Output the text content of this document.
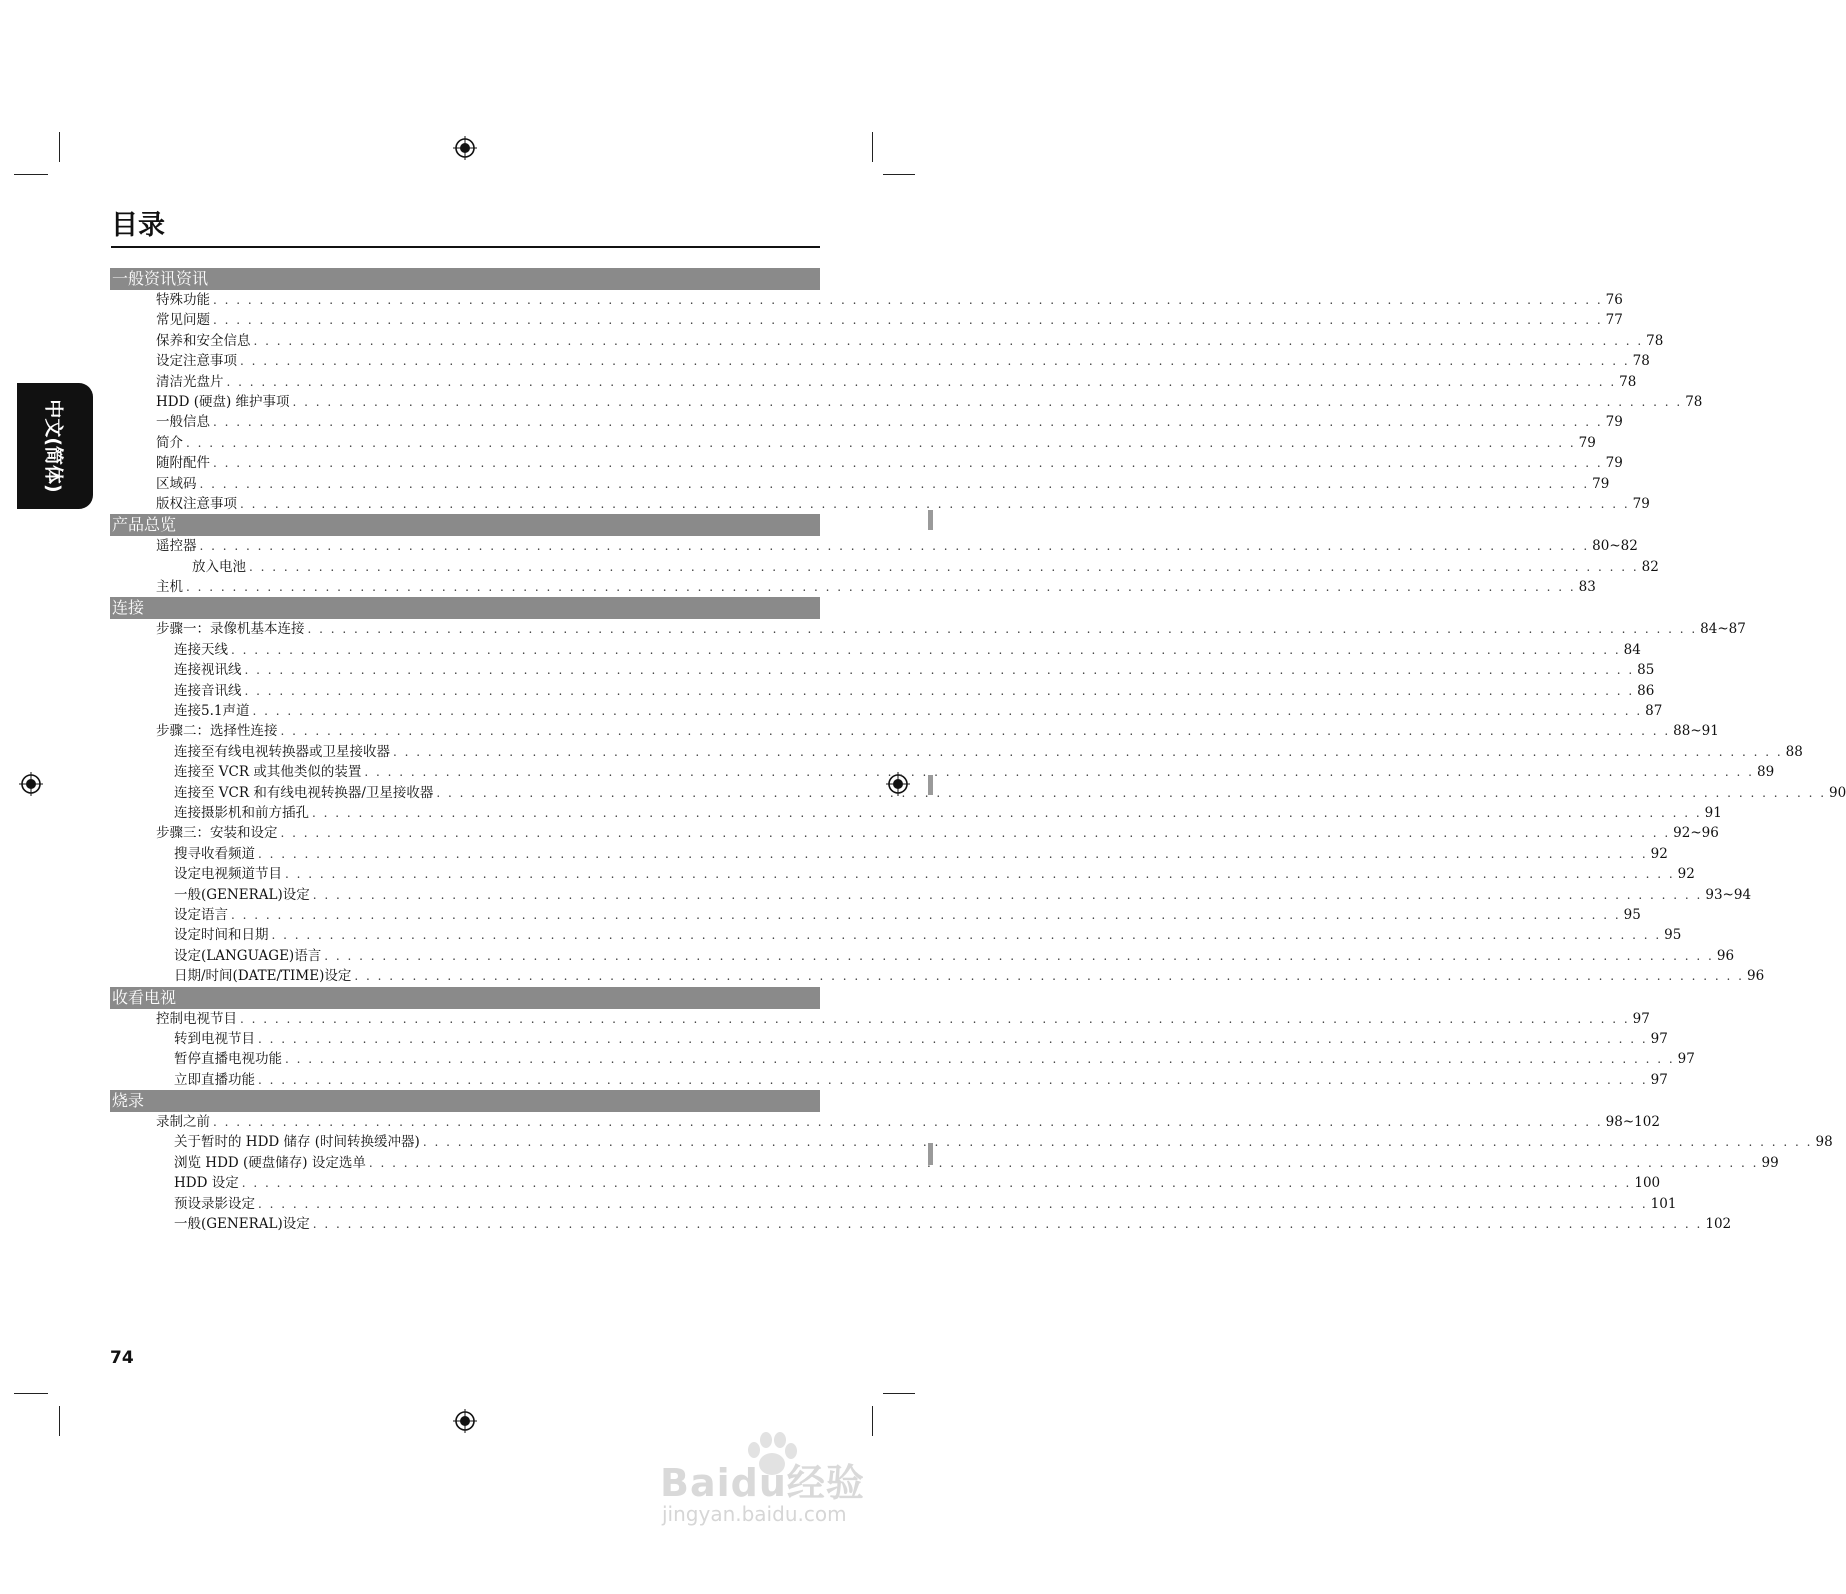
中文(简体)
目录
一般资讯资讯
特殊功能 . . . . . . . . . . . . . . . . . . . . . . . . . . . . . . . . . . . . . . . . . . . . . . . . . . . . . . . . . . . . . . . . . . . . . . . . . . . . . . . . . . . . . . . . . . . . . . . . . . . . . . . . . . . . . . . . . . . . . . . . 76
常见问题 . . . . . . . . . . . . . . . . . . . . . . . . . . . . . . . . . . . . . . . . . . . . . . . . . . . . . . . . . . . . . . . . . . . . . . . . . . . . . . . . . . . . . . . . . . . . . . . . . . . . . . . . . . . . . . . . . . . . . . . . 77
保养和安全信息 . . . . . . . . . . . . . . . . . . . . . . . . . . . . . . . . . . . . . . . . . . . . . . . . . . . . . . . . . . . . . . . . . . . . . . . . . . . . . . . . . . . . . . . . . . . . . . . . . . . . . . . . . . . . . . . . . . . . . . . . 78
设定注意事项 . . . . . . . . . . . . . . . . . . . . . . . . . . . . . . . . . . . . . . . . . . . . . . . . . . . . . . . . . . . . . . . . . . . . . . . . . . . . . . . . . . . . . . . . . . . . . . . . . . . . . . . . . . . . . . . . . . . . . . . . 78
清洁光盘片 . . . . . . . . . . . . . . . . . . . . . . . . . . . . . . . . . . . . . . . . . . . . . . . . . . . . . . . . . . . . . . . . . . . . . . . . . . . . . . . . . . . . . . . . . . . . . . . . . . . . . . . . . . . . . . . . . . . . . . . . 78
HDD (硬盘) 维护事项 . . . . . . . . . . . . . . . . . . . . . . . . . . . . . . . . . . . . . . . . . . . . . . . . . . . . . . . . . . . . . . . . . . . . . . . . . . . . . . . . . . . . . . . . . . . . . . . . . . . . . . . . . . . . . . . . . . . . . . . . 78
一般信息 . . . . . . . . . . . . . . . . . . . . . . . . . . . . . . . . . . . . . . . . . . . . . . . . . . . . . . . . . . . . . . . . . . . . . . . . . . . . . . . . . . . . . . . . . . . . . . . . . . . . . . . . . . . . . . . . . . . . . . . . 79
简介 . . . . . . . . . . . . . . . . . . . . . . . . . . . . . . . . . . . . . . . . . . . . . . . . . . . . . . . . . . . . . . . . . . . . . . . . . . . . . . . . . . . . . . . . . . . . . . . . . . . . . . . . . . . . . . . . . . . . . . . . 79
随附配件 . . . . . . . . . . . . . . . . . . . . . . . . . . . . . . . . . . . . . . . . . . . . . . . . . . . . . . . . . . . . . . . . . . . . . . . . . . . . . . . . . . . . . . . . . . . . . . . . . . . . . . . . . . . . . . . . . . . . . . . . 79
区域码 . . . . . . . . . . . . . . . . . . . . . . . . . . . . . . . . . . . . . . . . . . . . . . . . . . . . . . . . . . . . . . . . . . . . . . . . . . . . . . . . . . . . . . . . . . . . . . . . . . . . . . . . . . . . . . . . . . . . . . . . 79
版权注意事项 . . . . . . . . . . . . . . . . . . . . . . . . . . . . . . . . . . . . . . . . . . . . . . . . . . . . . . . . . . . . . . . . . . . . . . . . . . . . . . . . . . . . . . . . . . . . . . . . . . . . . . . . . . . . . . . . . . . . . . . . 79
产品总览
遥控器 . . . . . . . . . . . . . . . . . . . . . . . . . . . . . . . . . . . . . . . . . . . . . . . . . . . . . . . . . . . . . . . . . . . . . . . . . . . . . . . . . . . . . . . . . . . . . . . . . . . . . . . . . . . . . . . . . . . . . . . . 80~82
放入电池 . . . . . . . . . . . . . . . . . . . . . . . . . . . . . . . . . . . . . . . . . . . . . . . . . . . . . . . . . . . . . . . . . . . . . . . . . . . . . . . . . . . . . . . . . . . . . . . . . . . . . . . . . . . . . . . . . . . . . . . . 82
主机 . . . . . . . . . . . . . . . . . . . . . . . . . . . . . . . . . . . . . . . . . . . . . . . . . . . . . . . . . . . . . . . . . . . . . . . . . . . . . . . . . . . . . . . . . . . . . . . . . . . . . . . . . . . . . . . . . . . . . . . . 83
连接
步骤一：录像机基本连接 . . . . . . . . . . . . . . . . . . . . . . . . . . . . . . . . . . . . . . . . . . . . . . . . . . . . . . . . . . . . . . . . . . . . . . . . . . . . . . . . . . . . . . . . . . . . . . . . . . . . . . . . . . . . . . . . . . . . . . . . 84~87
连接天线 . . . . . . . . . . . . . . . . . . . . . . . . . . . . . . . . . . . . . . . . . . . . . . . . . . . . . . . . . . . . . . . . . . . . . . . . . . . . . . . . . . . . . . . . . . . . . . . . . . . . . . . . . . . . . . . . . . . . . . . . 84
连接视讯线 . . . . . . . . . . . . . . . . . . . . . . . . . . . . . . . . . . . . . . . . . . . . . . . . . . . . . . . . . . . . . . . . . . . . . . . . . . . . . . . . . . . . . . . . . . . . . . . . . . . . . . . . . . . . . . . . . . . . . . . . 85
连接音讯线 . . . . . . . . . . . . . . . . . . . . . . . . . . . . . . . . . . . . . . . . . . . . . . . . . . . . . . . . . . . . . . . . . . . . . . . . . . . . . . . . . . . . . . . . . . . . . . . . . . . . . . . . . . . . . . . . . . . . . . . . 86
连接5.1声道 . . . . . . . . . . . . . . . . . . . . . . . . . . . . . . . . . . . . . . . . . . . . . . . . . . . . . . . . . . . . . . . . . . . . . . . . . . . . . . . . . . . . . . . . . . . . . . . . . . . . . . . . . . . . . . . . . . . . . . . . 87
步骤二：选择性连接 . . . . . . . . . . . . . . . . . . . . . . . . . . . . . . . . . . . . . . . . . . . . . . . . . . . . . . . . . . . . . . . . . . . . . . . . . . . . . . . . . . . . . . . . . . . . . . . . . . . . . . . . . . . . . . . . . . . . . . . . 88~91
连接至有线电视转换器或卫星接收器 . . . . . . . . . . . . . . . . . . . . . . . . . . . . . . . . . . . . . . . . . . . . . . . . . . . . . . . . . . . . . . . . . . . . . . . . . . . . . . . . . . . . . . . . . . . . . . . . . . . . . . . . . . . . . . . . . . . . . . . . 88
连接至 VCR 或其他类似的装置 . . . . . . . . . . . . . . . . . . . . . . . . . . . . . . . . . . . . . . . . . . . . . . . . . . . . . . . . . . . . . . . . . . . . . . . . . . . . . . . . . . . . . . . . . . . . . . . . . . . . . . . . . . . . . . . . . . . . . . . . 89
连接至 VCR 和有线电视转换器/卫星接收器 . . . . . . . . . . . . . . . . . . . . . . . . . . . . . . . . . . . . . . . . . . . . . . . . . . . . . . . . . . . . . . . . . . . . . . . . . . . . . . . . . . . . . . . . . . . . . . . . . . . . . . . . . . . . . . . . . . . . . . . . 90
连接摄影机和前方插孔 . . . . . . . . . . . . . . . . . . . . . . . . . . . . . . . . . . . . . . . . . . . . . . . . . . . . . . . . . . . . . . . . . . . . . . . . . . . . . . . . . . . . . . . . . . . . . . . . . . . . . . . . . . . . . . . . . . . . . . . . 91
步骤三：安装和设定 . . . . . . . . . . . . . . . . . . . . . . . . . . . . . . . . . . . . . . . . . . . . . . . . . . . . . . . . . . . . . . . . . . . . . . . . . . . . . . . . . . . . . . . . . . . . . . . . . . . . . . . . . . . . . . . . . . . . . . . . 92~96
搜寻收看频道 . . . . . . . . . . . . . . . . . . . . . . . . . . . . . . . . . . . . . . . . . . . . . . . . . . . . . . . . . . . . . . . . . . . . . . . . . . . . . . . . . . . . . . . . . . . . . . . . . . . . . . . . . . . . . . . . . . . . . . . . 92
设定电视频道节目 . . . . . . . . . . . . . . . . . . . . . . . . . . . . . . . . . . . . . . . . . . . . . . . . . . . . . . . . . . . . . . . . . . . . . . . . . . . . . . . . . . . . . . . . . . . . . . . . . . . . . . . . . . . . . . . . . . . . . . . . 92
一般(GENERAL)设定 . . . . . . . . . . . . . . . . . . . . . . . . . . . . . . . . . . . . . . . . . . . . . . . . . . . . . . . . . . . . . . . . . . . . . . . . . . . . . . . . . . . . . . . . . . . . . . . . . . . . . . . . . . . . . . . . . . . . . . . . 93~94
设定语言 . . . . . . . . . . . . . . . . . . . . . . . . . . . . . . . . . . . . . . . . . . . . . . . . . . . . . . . . . . . . . . . . . . . . . . . . . . . . . . . . . . . . . . . . . . . . . . . . . . . . . . . . . . . . . . . . . . . . . . . . 95
设定时间和日期 . . . . . . . . . . . . . . . . . . . . . . . . . . . . . . . . . . . . . . . . . . . . . . . . . . . . . . . . . . . . . . . . . . . . . . . . . . . . . . . . . . . . . . . . . . . . . . . . . . . . . . . . . . . . . . . . . . . . . . . . 95
设定(LANGUAGE)语言 . . . . . . . . . . . . . . . . . . . . . . . . . . . . . . . . . . . . . . . . . . . . . . . . . . . . . . . . . . . . . . . . . . . . . . . . . . . . . . . . . . . . . . . . . . . . . . . . . . . . . . . . . . . . . . . . . . . . . . . . 96
日期/时间(DATE/TIME)设定 . . . . . . . . . . . . . . . . . . . . . . . . . . . . . . . . . . . . . . . . . . . . . . . . . . . . . . . . . . . . . . . . . . . . . . . . . . . . . . . . . . . . . . . . . . . . . . . . . . . . . . . . . . . . . . . . . . . . . . . . 96
收看电视
控制电视节目 . . . . . . . . . . . . . . . . . . . . . . . . . . . . . . . . . . . . . . . . . . . . . . . . . . . . . . . . . . . . . . . . . . . . . . . . . . . . . . . . . . . . . . . . . . . . . . . . . . . . . . . . . . . . . . . . . . . . . . . . 97
转到电视节目 . . . . . . . . . . . . . . . . . . . . . . . . . . . . . . . . . . . . . . . . . . . . . . . . . . . . . . . . . . . . . . . . . . . . . . . . . . . . . . . . . . . . . . . . . . . . . . . . . . . . . . . . . . . . . . . . . . . . . . . . 97
暂停直播电视功能 . . . . . . . . . . . . . . . . . . . . . . . . . . . . . . . . . . . . . . . . . . . . . . . . . . . . . . . . . . . . . . . . . . . . . . . . . . . . . . . . . . . . . . . . . . . . . . . . . . . . . . . . . . . . . . . . . . . . . . . . 97
立即直播功能 . . . . . . . . . . . . . . . . . . . . . . . . . . . . . . . . . . . . . . . . . . . . . . . . . . . . . . . . . . . . . . . . . . . . . . . . . . . . . . . . . . . . . . . . . . . . . . . . . . . . . . . . . . . . . . . . . . . . . . . . 97
烧录
录制之前 . . . . . . . . . . . . . . . . . . . . . . . . . . . . . . . . . . . . . . . . . . . . . . . . . . . . . . . . . . . . . . . . . . . . . . . . . . . . . . . . . . . . . . . . . . . . . . . . . . . . . . . . . . . . . . . . . . . . . . . . 98~102
关于暂时的 HDD 储存 (时间转换缓冲器) . . . . . . . . . . . . . . . . . . . . . . . . . . . . . . . . . . . . . . . . . . . . . . . . . . . . . . . . . . . . . . . . . . . . . . . . . . . . . . . . . . . . . . . . . . . . . . . . . . . . . . . . . . . . . . . . . . . . . . . . 98
浏览 HDD (硬盘储存) 设定选单 . . . . . . . . . . . . . . . . . . . . . . . . . . . . . . . . . . . . . . . . . . . . . . . . . . . . . . . . . . . . . . . . . . . . . . . . . . . . . . . . . . . . . . . . . . . . . . . . . . . . . . . . . . . . . . . . . . . . . . . . 99
HDD 设定 . . . . . . . . . . . . . . . . . . . . . . . . . . . . . . . . . . . . . . . . . . . . . . . . . . . . . . . . . . . . . . . . . . . . . . . . . . . . . . . . . . . . . . . . . . . . . . . . . . . . . . . . . . . . . . . . . . . . . . . . 100
预设录影设定 . . . . . . . . . . . . . . . . . . . . . . . . . . . . . . . . . . . . . . . . . . . . . . . . . . . . . . . . . . . . . . . . . . . . . . . . . . . . . . . . . . . . . . . . . . . . . . . . . . . . . . . . . . . . . . . . . . . . . . . . 101
一般(GENERAL)设定 . . . . . . . . . . . . . . . . . . . . . . . . . . . . . . . . . . . . . . . . . . . . . . . . . . . . . . . . . . . . . . . . . . . . . . . . . . . . . . . . . . . . . . . . . . . . . . . . . . . . . . . . . . . . . . . . . . . . . . . . 102
74
Baidu经验
jingyan.baidu.com
